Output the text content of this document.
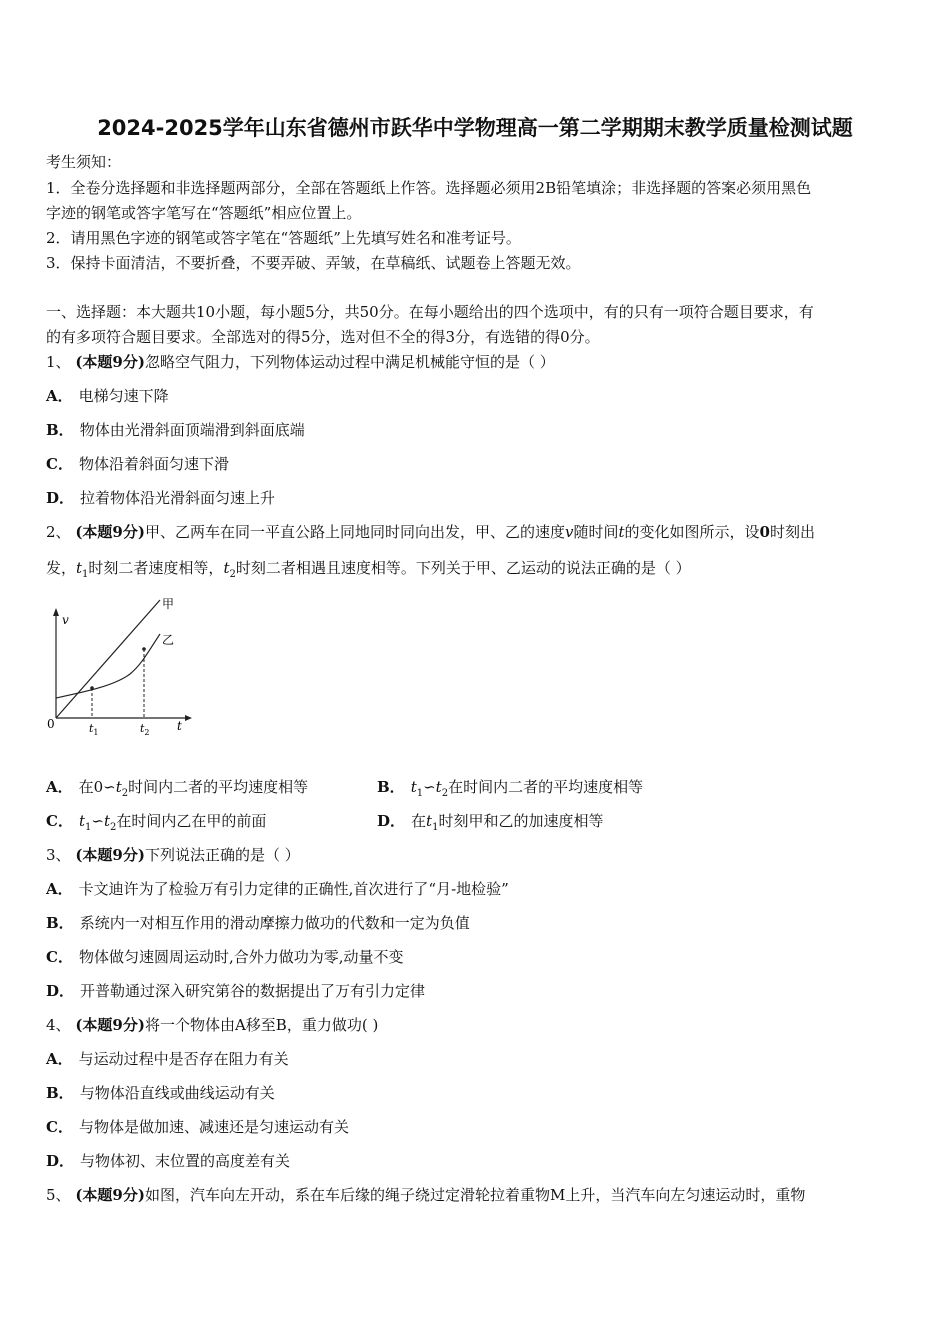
2024-2025学年山东省德州市跃华中学物理高一第二学期期末教学质量检测试题
考生须知：
1．全卷分选择题和非选择题两部分，全部在答题纸上作答。选择题必须用2B铅笔填涂；非选择题的答案必须用黑色
字迹的钢笔或答字笔写在“答题纸”相应位置上。
2．请用黑色字迹的钢笔或答字笔在“答题纸”上先填写姓名和准考证号。
3．保持卡面清洁，不要折叠，不要弄破、弄皱，在草稿纸、试题卷上答题无效。
一、选择题：本大题共10小题，每小题5分，共50分。在每小题给出的四个选项中，有的只有一项符合题目要求，有
的有多项符合题目要求。全部选对的得5分，选对但不全的得3分，有选错的得0分。
1、 (本题9分)忽略空气阻力，下列物体运动过程中满足机械能守恒的是（ ）
A． 电梯匀速下降
B． 物体由光滑斜面顶端滑到斜面底端
C． 物体沿着斜面匀速下滑
D． 拉着物体沿光滑斜面匀速上升
2、 (本题9分)甲、乙两车在同一平直公路上同地同时同向出发，甲、乙的速度v随时间t的变化如图所示，设0时刻出
发，$t_1$时刻二者速度相等，$t_2$时刻二者相遇且速度相等。下列关于甲、乙运动的说法正确的是（ ）
v
t
0	$t_1$	$t_2$
甲
乙
A． 在$0∽t_2$时间内二者的平均速度相等	B． $t_1∽t_2$在时间内二者的平均速度相等
C． $t_1∽t_2$在时间内乙在甲的前面	D． 在$t_1$时刻甲和乙的加速度相等
3、 (本题9分)下列说法正确的是（ ）
A． 卡文迪许为了检验万有引力定律的正确性,首次进行了“月-地检验”
B． 系统内一对相互作用的滑动摩擦力做功的代数和一定为负值
C． 物体做匀速圆周运动时,合外力做功为零,动量不变
D． 开普勒通过深入研究第谷的数据提出了万有引力定律
4、 (本题9分)将一个物体由A移至B，重力做功( )
A． 与运动过程中是否存在阻力有关
B． 与物体沿直线或曲线运动有关
C． 与物体是做加速、减速还是匀速运动有关
D． 与物体初、末位置的高度差有关
5、 (本题9分)如图，汽车向左开动，系在车后缘的绳子绕过定滑轮拉着重物M上升，当汽车向左匀速运动时，重物
